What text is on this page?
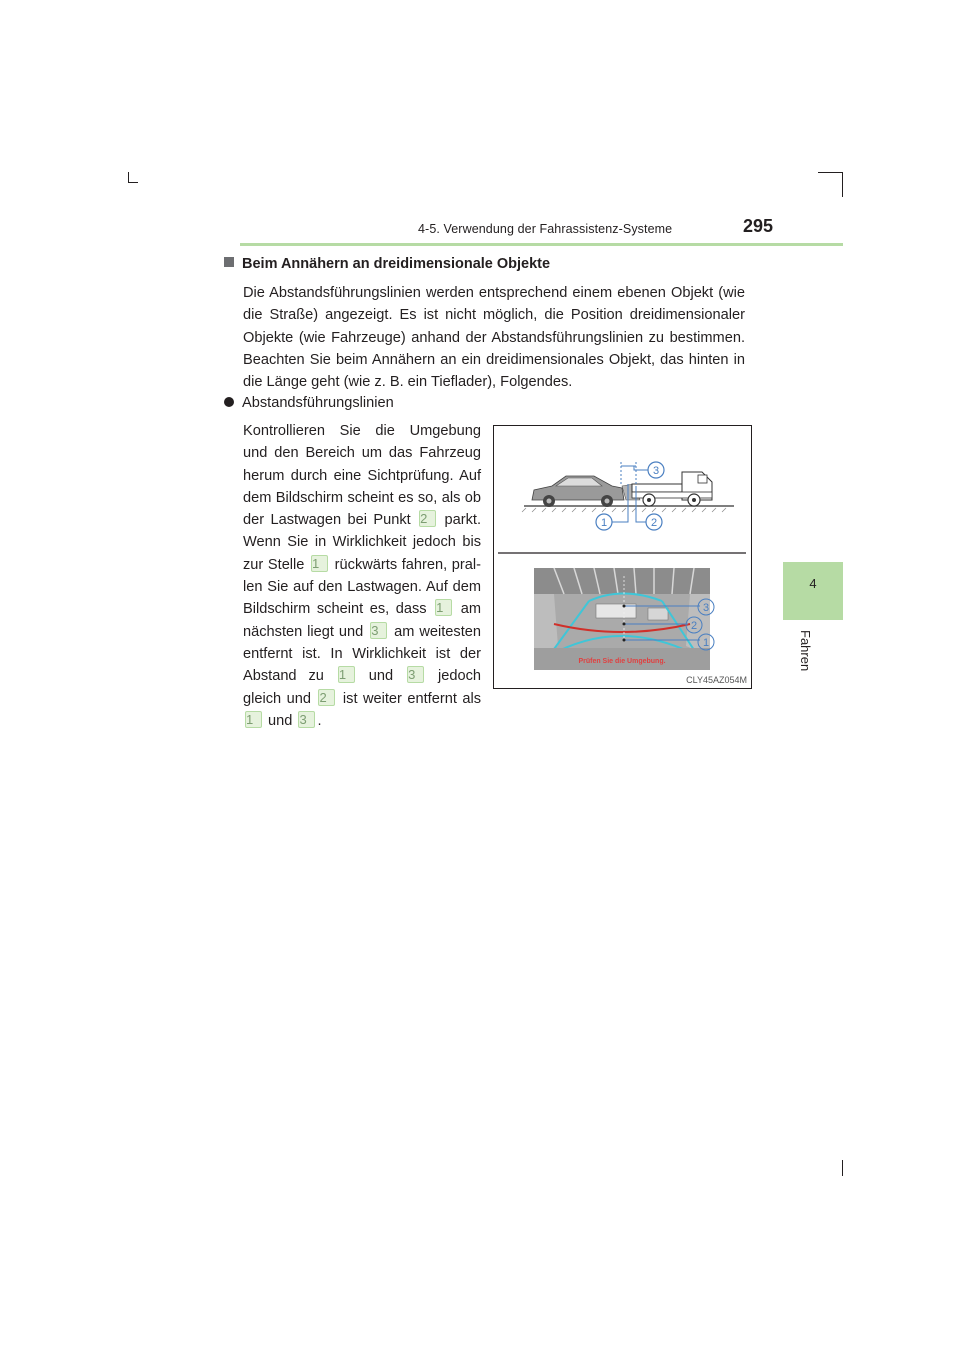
4-5. Verwendung der Fahrassistenz-Systeme	295
4
Fahren
Beim Annähern an dreidimensionale Objekte
Die Abstandsführungslinien werden entsprechend einem ebenen Objekt (wie die Straße) angezeigt. Es ist nicht möglich, die Position dreidimensionaler Objekte (wie Fahrzeuge) anhand der Abstandsführungslinien zu bestimmen. Beachten Sie beim Annähern an ein dreidimensionales Objekt, das hinten in die Länge geht (wie z. B. ein Tieflader), Folgendes.
Abstandsführungslinien
Kontrollieren Sie die Umgebung
und den Bereich um das Fahrzeug
herum durch eine Sichtprüfung. Auf
dem Bildschirm scheint es so, als ob
der Lastwagen bei Punkt 2 parkt.
Wenn Sie in Wirklichkeit jedoch bis
zur Stelle 1 rückwärts fahren, pral-
len Sie auf den Lastwagen. Auf dem
Bildschirm scheint es, dass 1 am
nächsten liegt und 3 am weitesten
entfernt ist. In Wirklichkeit ist der
Abstand zu 1 und 3 jedoch
gleich und 2 ist weiter entfernt als
1 und 3 .
3
1	2
Prüfen Sie die Umgebung.
3
2
1
CLY45AZ054M
